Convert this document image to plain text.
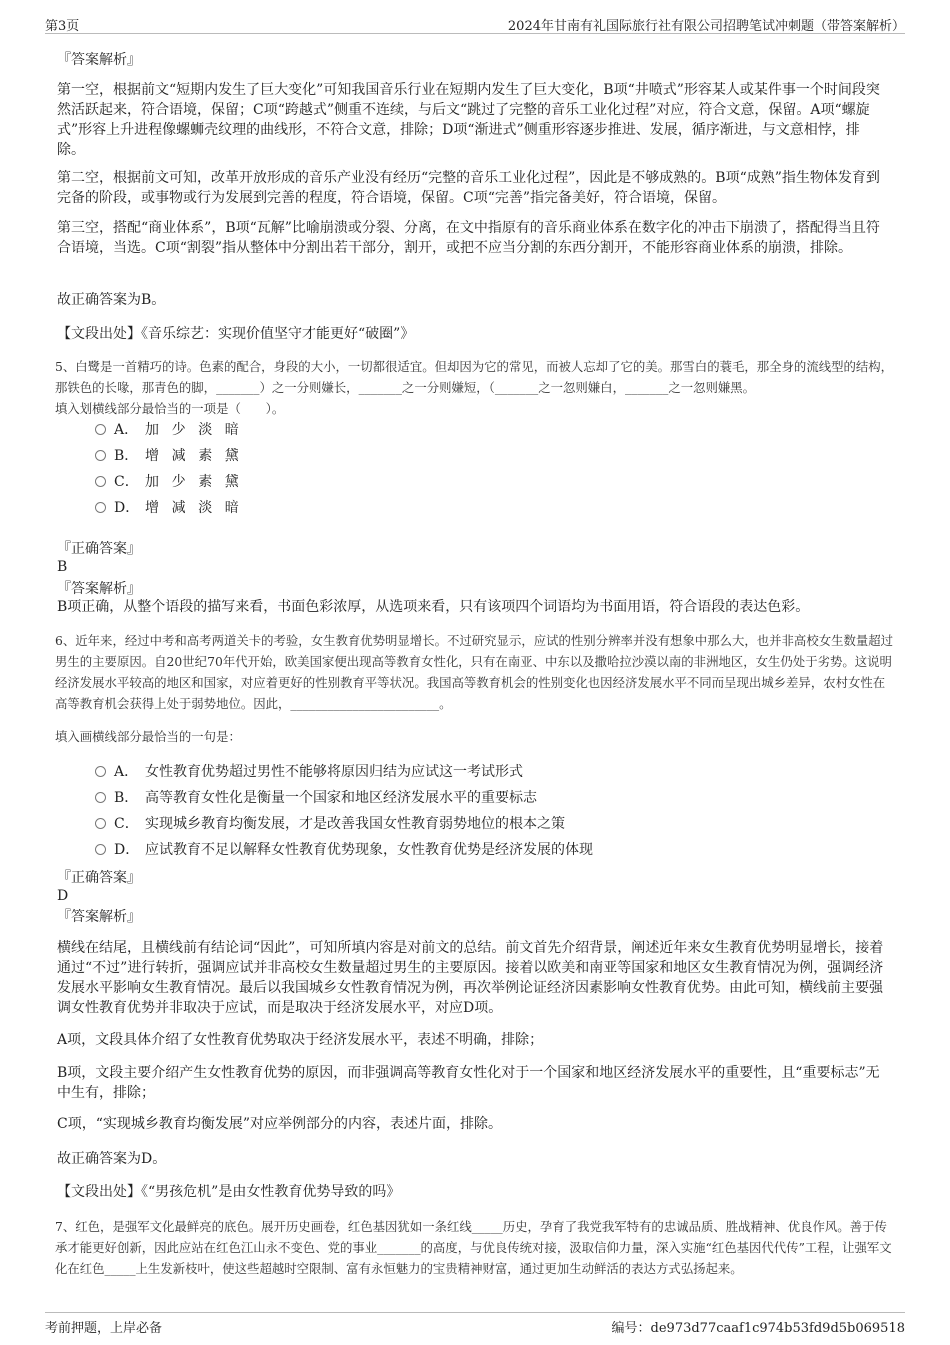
第3页	2024年甘南有礼国际旅行社有限公司招聘笔试冲刺题（带答案解析）
『答案解析』
第一空，根据前文“短期内发生了巨大变化”可知我国音乐行业在短期内发生了巨大变化，B项“井喷式”形容某人或某件事一个时间段突然活跃起来，符合语境，保留；C项“跨越式”侧重不连续，与后文“跳过了完整的音乐工业化过程”对应，符合文意，保留。A项“螺旋式”形容上升进程像螺蛳壳纹理的曲线形，不符合文意，排除；D项“渐进式”侧重形容逐步推进、发展，循序渐进，与文意相悖，排除。
第二空，根据前文可知，改革开放形成的音乐产业没有经历“完整的音乐工业化过程”，因此是不够成熟的。B项“成熟”指生物体发育到完备的阶段，或事物或行为发展到完善的程度，符合语境，保留。C项“完善”指完备美好，符合语境，保留。
第三空，搭配“商业体系”，B项“瓦解”比喻崩溃或分裂、分离，在文中指原有的音乐商业体系在数字化的冲击下崩溃了，搭配得当且符合语境，当选。C项“割裂”指从整体中分割出若干部分，割开，或把不应当分割的东西分割开，不能形容商业体系的崩溃，排除。
故正确答案为B。
【文段出处】《音乐综艺：实现价值坚守才能更好“破圈”》
5、白鹭是一首精巧的诗。色素的配合，身段的大小，一切都很适宜。但却因为它的常见，而被人忘却了它的美。那雪白的蓑毛，那全身的流线型的结构，那铁色的长喙，那青色的脚，_______）之一分则嫌长，_______之一分则嫌短，（_______之一忽则嫌白，_______之一忽则嫌黑。
填入划横线部分最恰当的一项是（　　）。
A． 加少淡暗
B． 增减素黛
C． 加少素黛
D． 增减淡暗
『正确答案』
B
『答案解析』
B项正确，从整个语段的描写来看，书面色彩浓厚，从选项来看，只有该项四个词语均为书面用语，符合语段的表达色彩。
6、近年来，经过中考和高考两道关卡的考验，女生教育优势明显增长。不过研究显示，应试的性别分辨率并没有想象中那么大，也并非高校女生数量超过男生的主要原因。自20世纪70年代开始，欧美国家便出现高等教育女性化，只有在南亚、中东以及撒哈拉沙漠以南的非洲地区，女生仍处于劣势。这说明经济发展水平较高的地区和国家，对应着更好的性别教育平等状况。我国高等教育机会的性别变化也因经济发展水平不同而呈现出城乡差异，农村女性在高等教育机会获得上处于弱势地位。因此，________________________。
填入画横线部分最恰当的一句是：
A． 女性教育优势超过男性不能够将原因归结为应试这一考试形式
B． 高等教育女性化是衡量一个国家和地区经济发展水平的重要标志
C． 实现城乡教育均衡发展，才是改善我国女性教育弱势地位的根本之策
D． 应试教育不足以解释女性教育优势现象，女性教育优势是经济发展的体现
『正确答案』
D
『答案解析』
横线在结尾，且横线前有结论词“因此”，可知所填内容是对前文的总结。前文首先介绍背景，阐述近年来女生教育优势明显增长，接着通过“不过”进行转折，强调应试并非高校女生数量超过男生的主要原因。接着以欧美和南亚等国家和地区女生教育情况为例，强调经济发展水平影响女生教育情况。最后以我国城乡女性教育情况为例，再次举例论证经济因素影响女性教育优势。由此可知，横线前主要强调女性教育优势并非取决于应试，而是取决于经济发展水平，对应D项。
A项，文段具体介绍了女性教育优势取决于经济发展水平，表述不明确，排除；
B项，文段主要介绍产生女性教育优势的原因，而非强调高等教育女性化对于一个国家和地区经济发展水平的重要性，且“重要标志”无中生有，排除；
C项，“实现城乡教育均衡发展”对应举例部分的内容，表述片面，排除。
故正确答案为D。
【文段出处】《“男孩危机”是由女性教育优势导致的吗》
7、红色，是强军文化最鲜亮的底色。展开历史画卷，红色基因犹如一条红线_____历史，孕育了我党我军特有的忠诚品质、胜战精神、优良作风。善于传承才能更好创新，因此应站在红色江山永不变色、党的事业_______的高度，与优良传统对接，汲取信仰力量，深入实施“红色基因代代传”工程，让强军文化在红色_____上生发新枝叶，使这些超越时空限制、富有永恒魅力的宝贵精神财富，通过更加生动鲜活的表达方式弘扬起来。
考前押题，上岸必备	编号：de973d77caaf1c974b53fd9d5b069518
